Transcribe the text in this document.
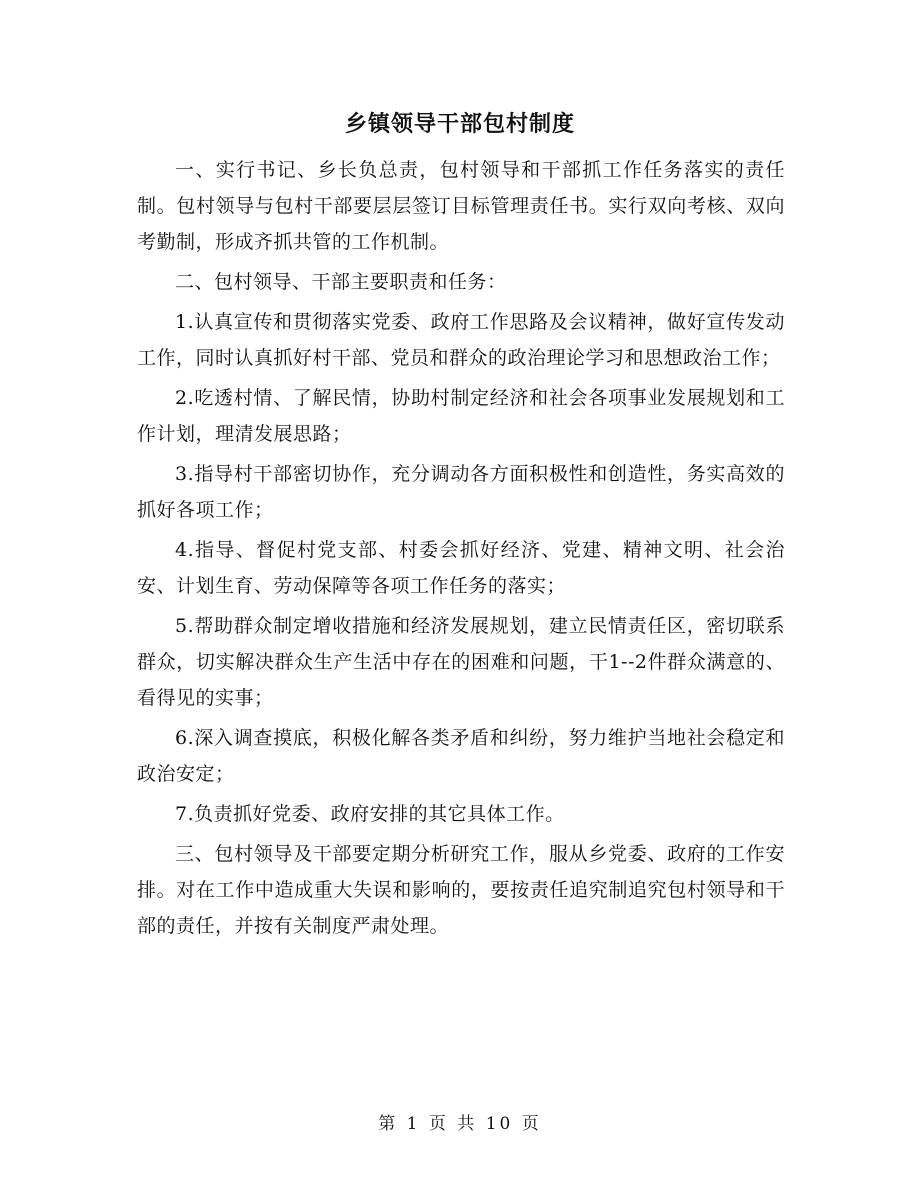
乡镇领导干部包村制度

一、实行书记、乡长负总责，包村领导和干部抓工作任务落实的责任制。包村领导与包村干部要层层签订目标管理责任书。实行双向考核、双向考勤制，形成齐抓共管的工作机制。

二、包村领导、干部主要职责和任务：

1.认真宣传和贯彻落实党委、政府工作思路及会议精神，做好宣传发动工作，同时认真抓好村干部、党员和群众的政治理论学习和思想政治工作；

2.吃透村情、了解民情，协助村制定经济和社会各项事业发展规划和工作计划，理清发展思路；

3.指导村干部密切协作，充分调动各方面积极性和创造性，务实高效的抓好各项工作；

4.指导、督促村党支部、村委会抓好经济、党建、精神文明、社会治安、计划生育、劳动保障等各项工作任务的落实；

5.帮助群众制定增收措施和经济发展规划，建立民情责任区，密切联系群众，切实解决群众生产生活中存在的困难和问题，干1--2件群众满意的、看得见的实事；

6.深入调查摸底，积极化解各类矛盾和纠纷，努力维护当地社会稳定和政治安定；

7.负责抓好党委、政府安排的其它具体工作。

三、包村领导及干部要定期分析研究工作，服从乡党委、政府的工作安排。对在工作中造成重大失误和影响的，要按责任追究制追究包村领导和干部的责任，并按有关制度严肃处理。

第 1 页 共 10 页
